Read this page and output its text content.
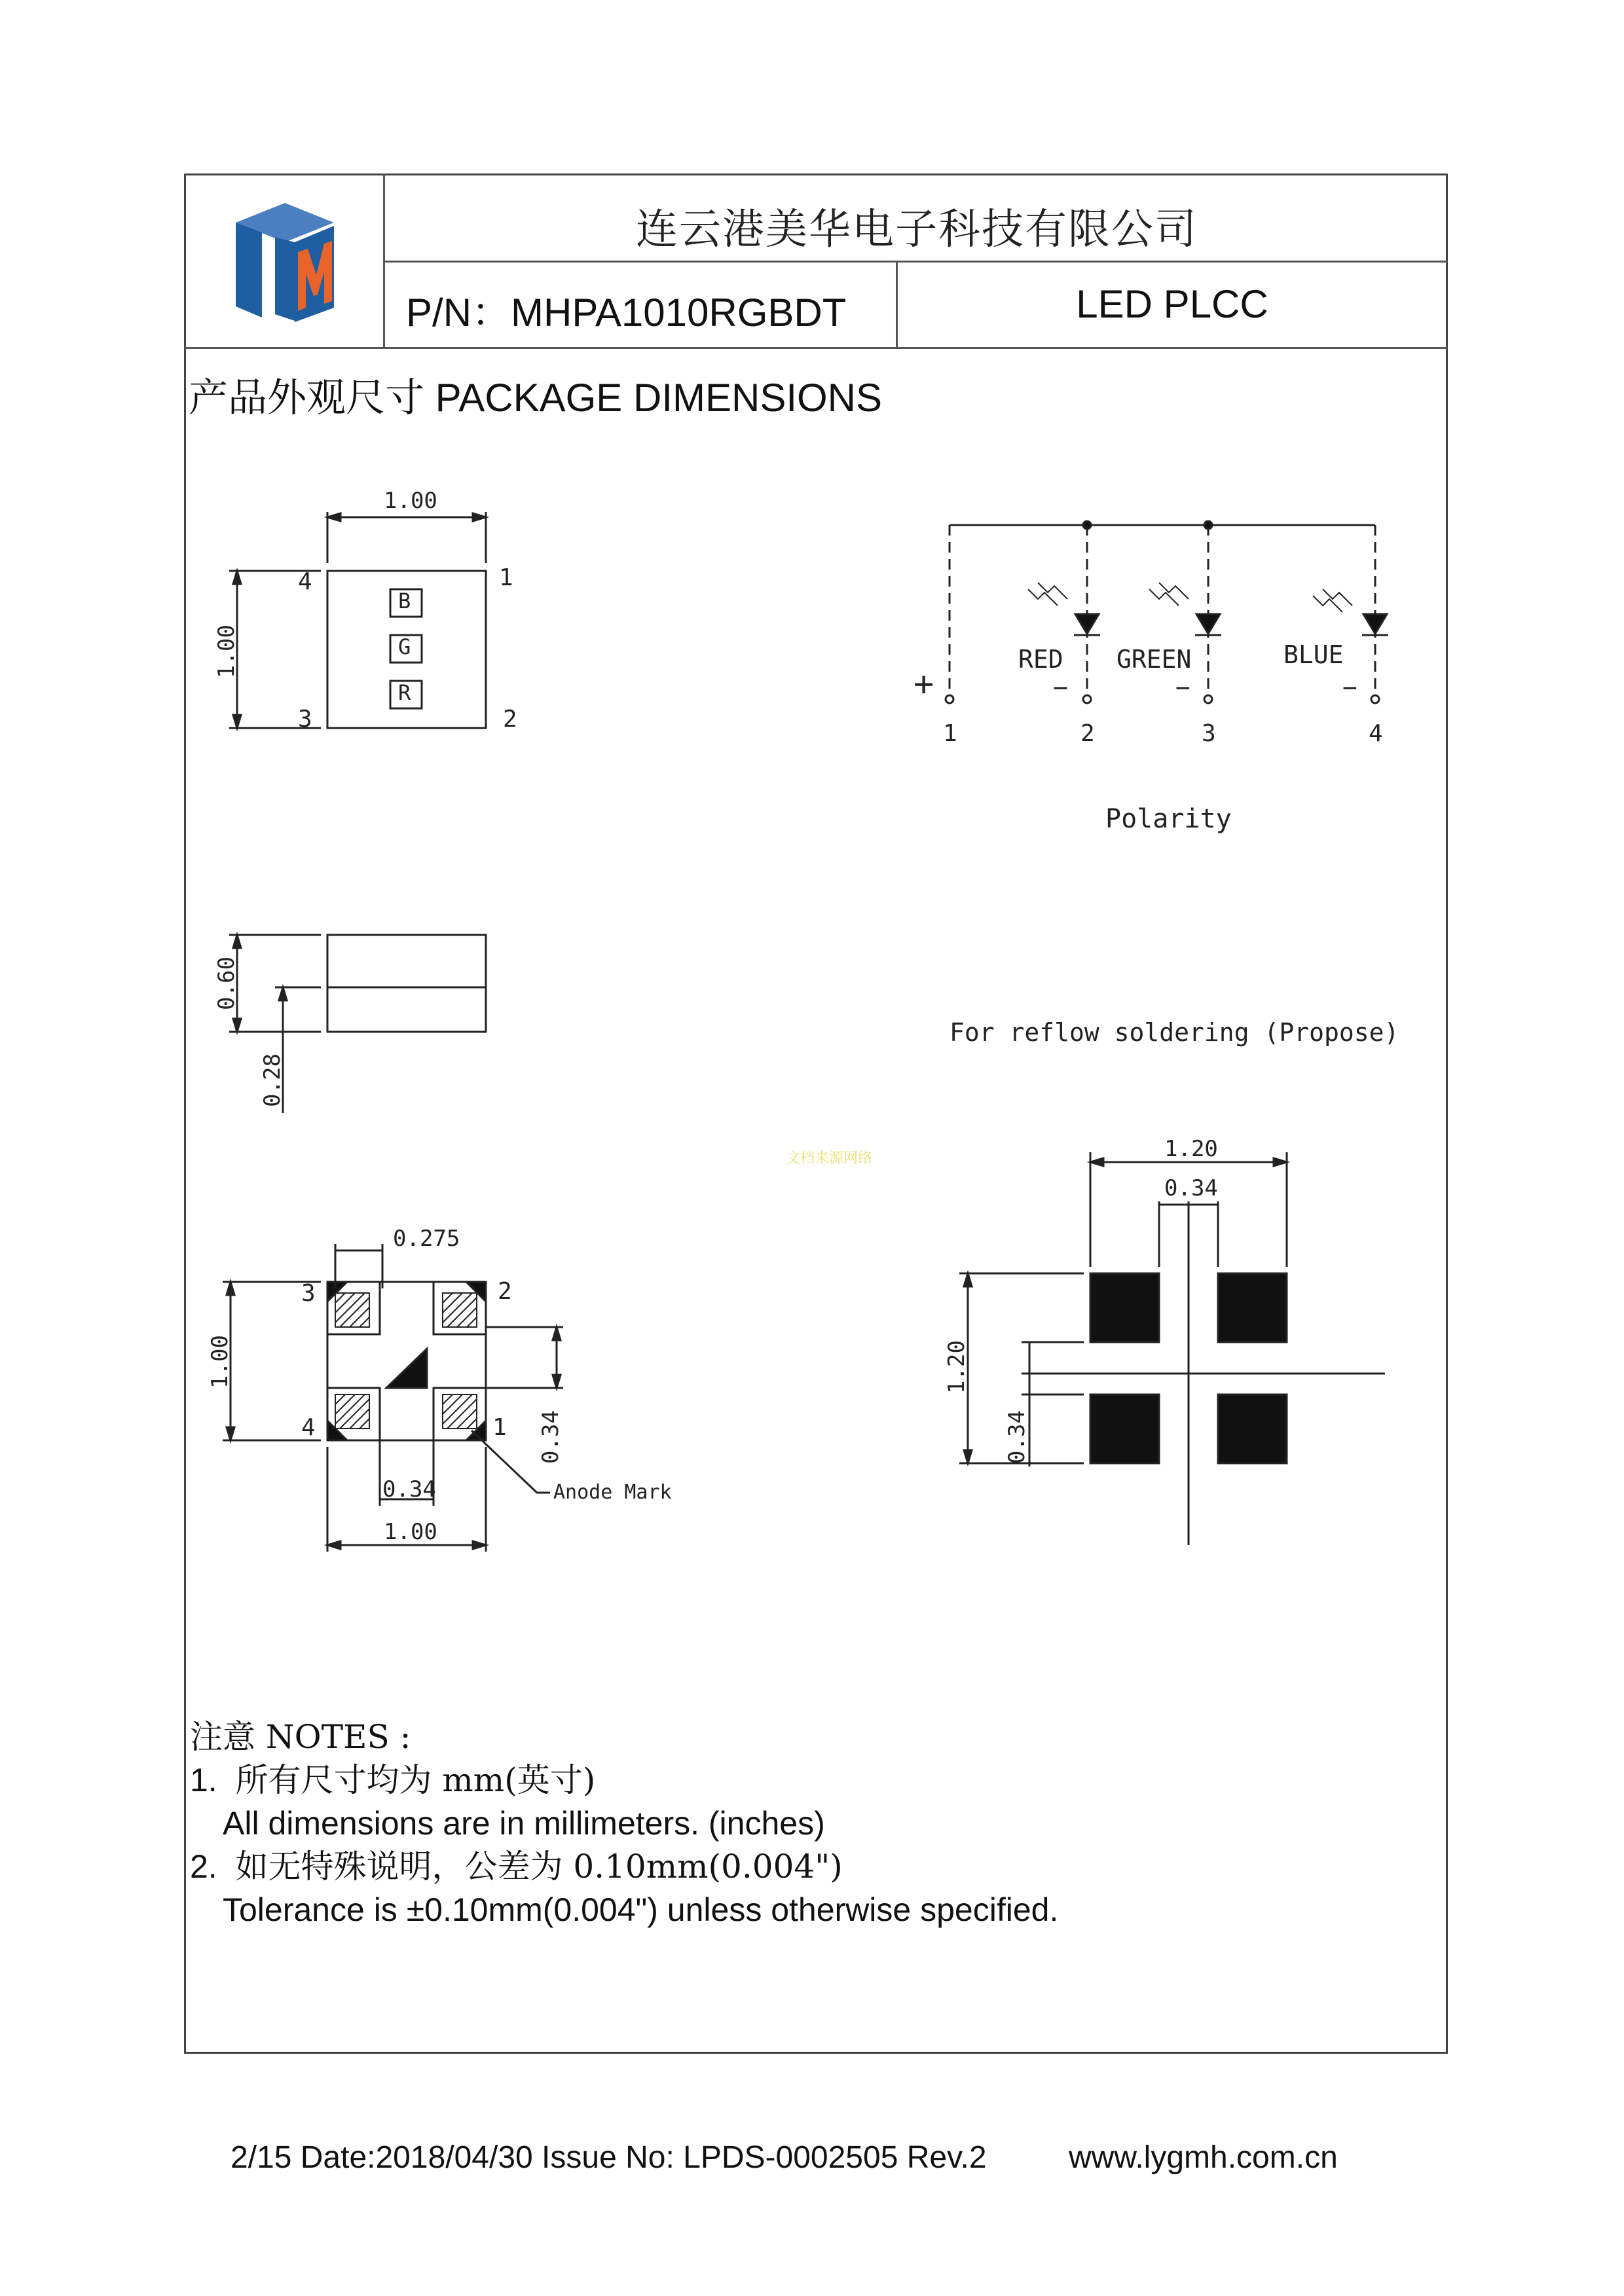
连云港美华电子科技有限公司
P/N：MHPA1010RGBDT	LED PLCC
产品外观尺寸 PACKAGE DIMENSIONS
1.00
1.00
4	1
3	2
B
G
R
0.60
0.28
0.275
1.00
0.34
0.34
1.00
3	2
4	1
Anode Mark
+
RED GREEN	BLUE
−	−	−
1	2	3	4
Polarity
For reflow soldering (Propose)
1.20
0.34
1.20
0.34
文档来源网络
注意 NOTES :
1. 所有尺寸均为 mm(英寸)
All dimensions are in millimeters. (inches)
2. 如无特殊说明，公差为 0.10mm(0.004")
Tolerance is ±0.10mm(0.004") unless otherwise specified.
2/15 Date:2018/04/30 Issue No: LPDS-0002505 Rev.2	www.lygmh.com.cn
